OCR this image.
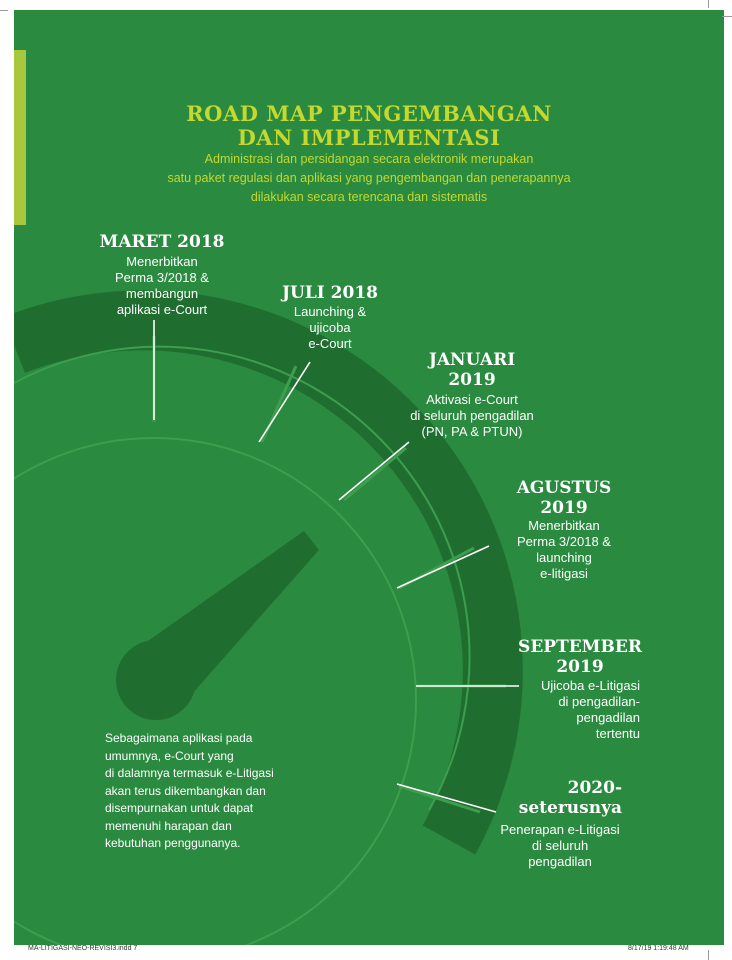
ROAD MAP PENGEMBANGAN
DAN IMPLEMENTASI
Administrasi dan persidangan secara elektronik merupakan
satu paket regulasi dan aplikasi yang pengembangan dan penerapannya
dilakukan secara terencana dan sistematis
MARET 2018
Menerbitkan
Perma 3/2018 &
membangun
aplikasi e-Court
JULI 2018
Launching &
ujicoba
e-Court
JANUARI
2019
Aktivasi e-Court
di seluruh pengadilan
(PN, PA & PTUN)
AGUSTUS
2019
Menerbitkan
Perma 3/2018 &
launching
e-litigasi
SEPTEMBER
2019
Ujicoba e-Litigasi
di pengadilan-
pengadilan
tertentu
2020-
seterusnya
Penerapan e-Litigasi
di seluruh
pengadilan
Sebagaimana aplikasi pada
umumnya, e-Court yang
di dalamnya termasuk e-Litigasi
akan terus dikembangkan dan
disempurnakan untuk dapat
memenuhi harapan dan
kebutuhan penggunanya.
MA-LITIGASI-NEO-REVISI3.indd 7	8/17/19 1:19:48 AM
